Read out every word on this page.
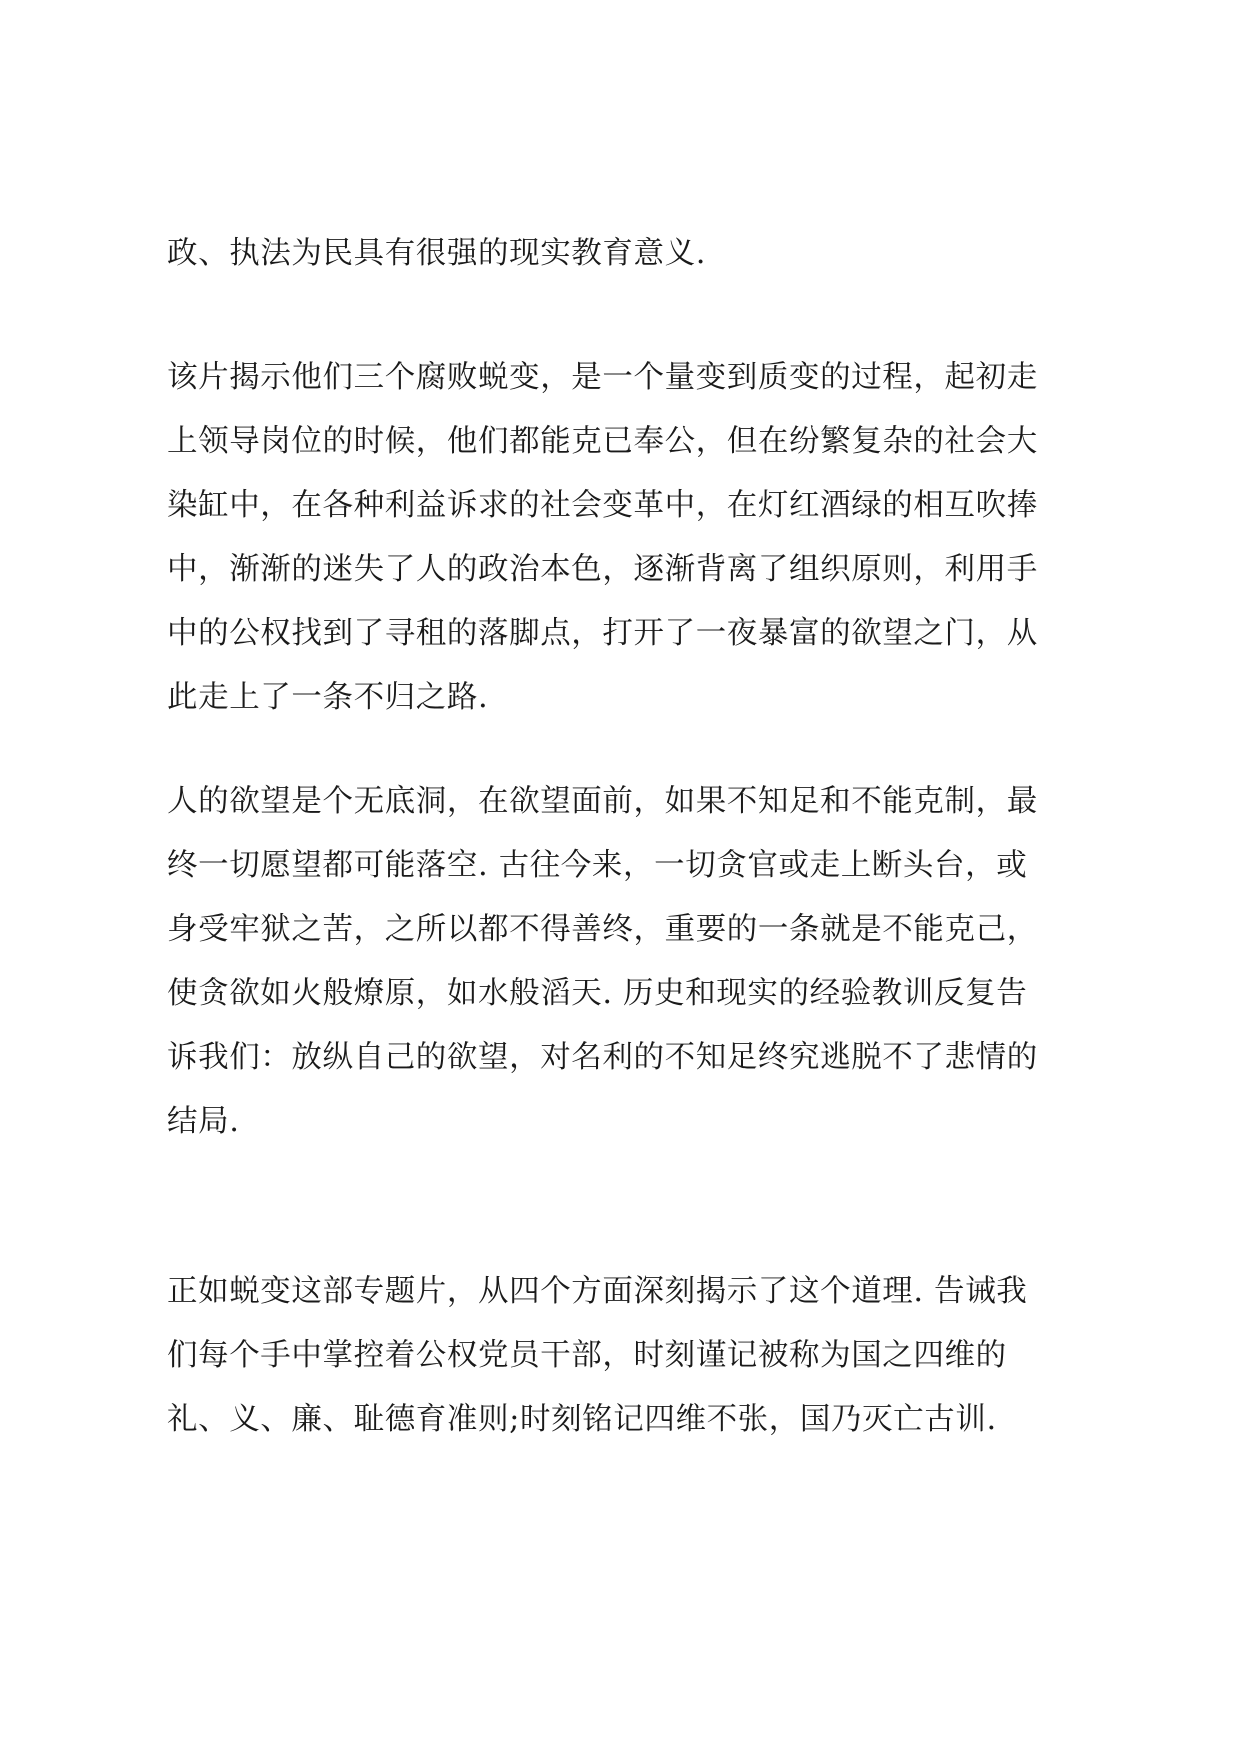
政、执法为民具有很强的现实教育意义.

该片揭示他们三个腐败蜕变，是一个量变到质变的过程，起初走
上领导岗位的时候，他们都能克已奉公，但在纷繁复杂的社会大
染缸中，在各种利益诉求的社会变革中，在灯红酒绿的相互吹捧
中，渐渐的迷失了人的政治本色，逐渐背离了组织原则，利用手
中的公权找到了寻租的落脚点，打开了一夜暴富的欲望之门，从
此走上了一条不归之路.

人的欲望是个无底洞，在欲望面前，如果不知足和不能克制，最
终一切愿望都可能落空. 古往今来，一切贪官或走上断头台，或
身受牢狱之苦，之所以都不得善终，重要的一条就是不能克己，
使贪欲如火般燎原，如水般滔天. 历史和现实的经验教训反复告
诉我们：放纵自己的欲望，对名利的不知足终究逃脱不了悲情的
结局.

正如蜕变这部专题片，从四个方面深刻揭示了这个道理. 告诫我
们每个手中掌控着公权党员干部，时刻谨记被称为国之四维的
礼、义、廉、耻德育准则;时刻铭记四维不张，国乃灭亡古训.
